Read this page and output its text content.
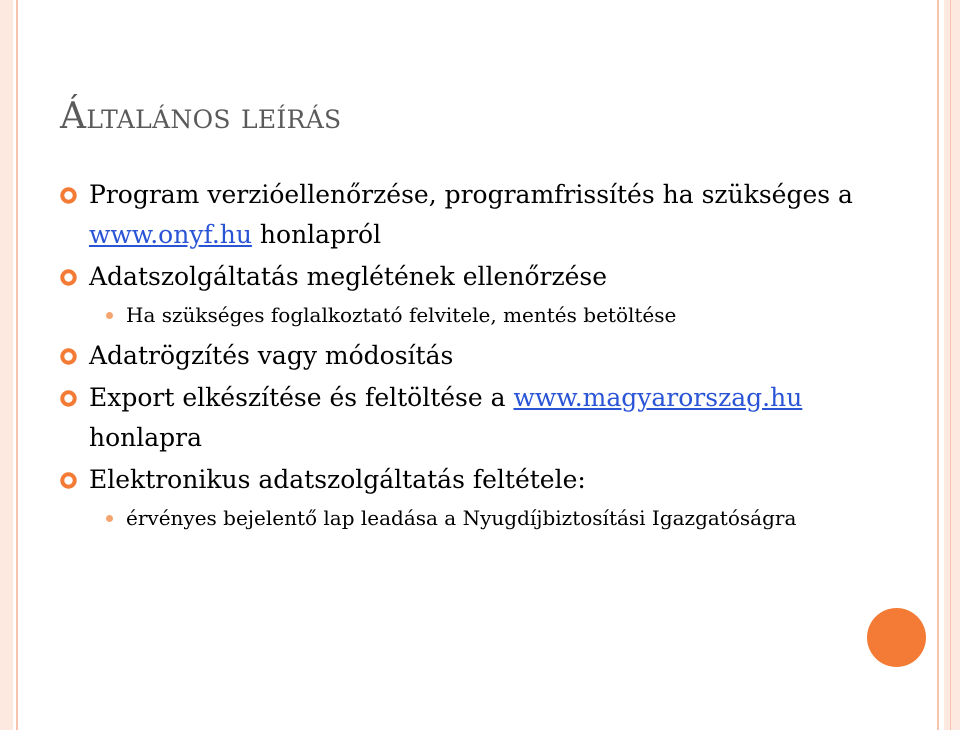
ÁLTALÁNOS LEÍRÁS
Program verzióellenőrzése, programfrissítés ha szükséges a www.onyf.hu honlapról
Adatszolgáltatás meglétének ellenőrzése
Ha szükséges foglalkoztató felvitele, mentés betöltése
Adatrögzítés vagy módosítás
Export elkészítése és feltöltése a www.magyarorszag.hu honlapra
Elektronikus adatszolgáltatás feltétele:
érvényes bejelentő lap leadása a Nyugdíjbiztosítási Igazgatóságra
